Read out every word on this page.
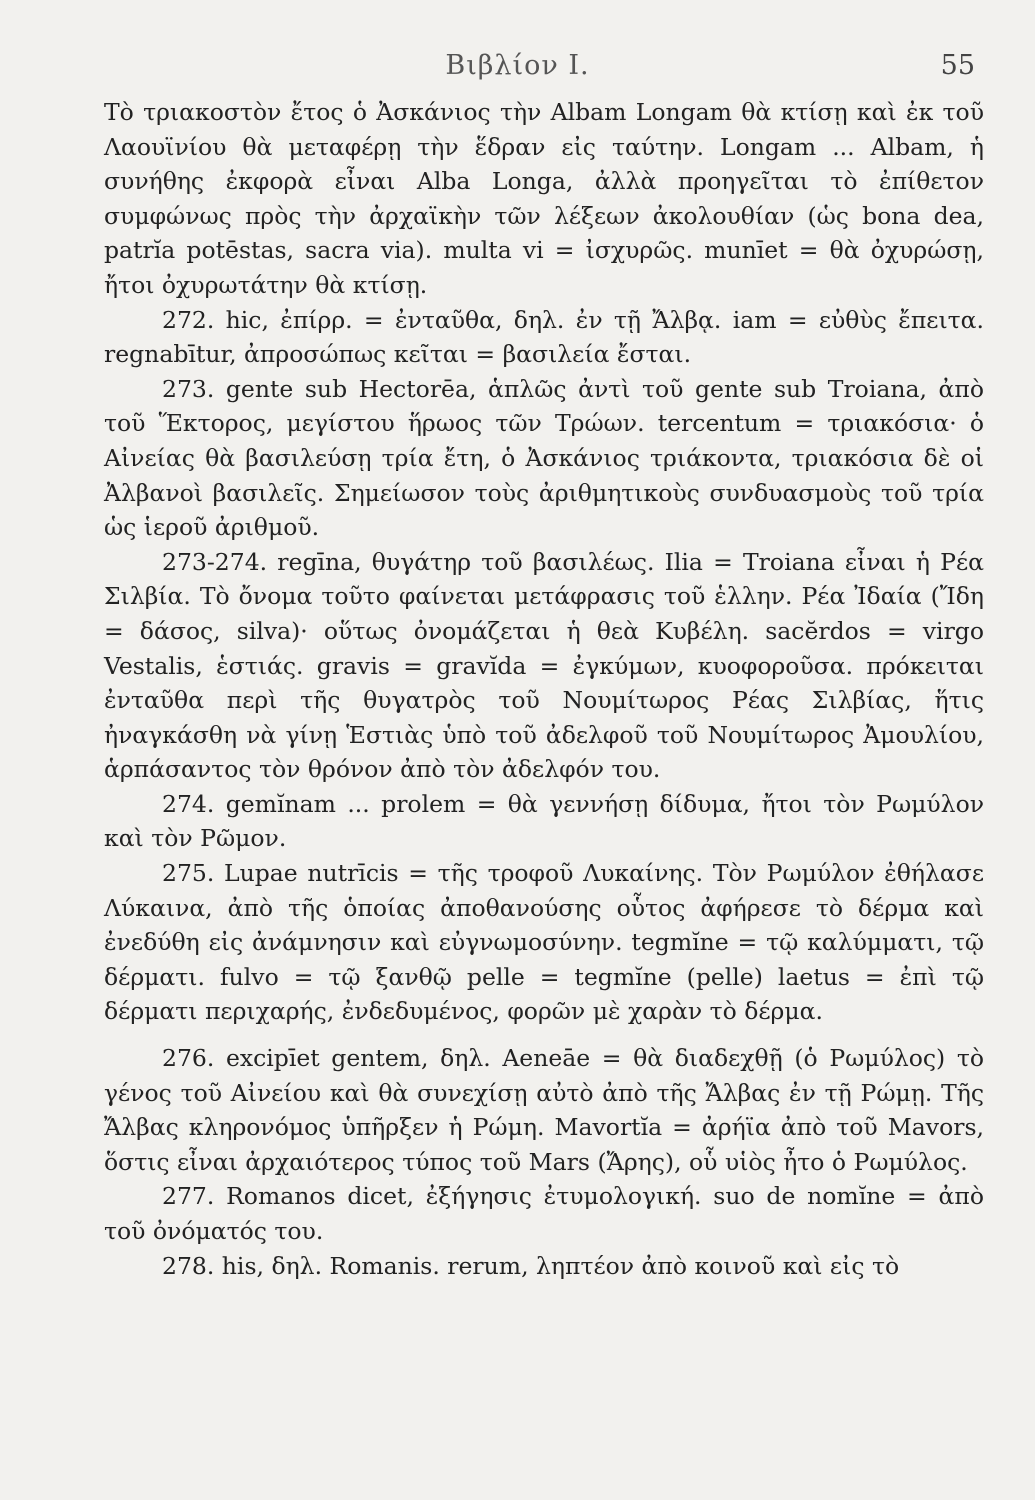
Βιβλίον Ι.	55

Τὸ τριακοστὸν ἔτος ὁ Ἀσκάνιος τὴν Albam Longam θὰ κτίσῃ καὶ ἐκ τοῦ Λαουϊνίου θὰ μεταφέρῃ τὴν ἕδραν εἰς ταύτην. Longam ... Albam, ἡ συνήθης ἐκφορὰ εἶναι Alba Longa, ἀλλὰ προηγεῖται τὸ ἐπίθετον συμφώνως πρὸς τὴν ἀρχαϊκὴν τῶν λέξεων ἀκολουθίαν (ὡς bona dea, patrĭa potēstas, sacra via). multa vi = ἰσχυρῶς. munīet = θὰ ὀχυρώσῃ, ἤτοι ὀχυρωτάτην θὰ κτίσῃ.

272. hic, ἐπίρρ. = ἐνταῦθα, δηλ. ἐν τῇ Ἄλβᾳ. iam = εὐθὺς ἔπειτα. regnabītur, ἀπροσώπως κεῖται = βασιλεία ἔσται.

273. gente sub Hectorēa, ἁπλῶς ἀντὶ τοῦ gente sub Troiana, ἀπὸ τοῦ Ἕκτορος, μεγίστου ἥρωος τῶν Τρώων. tercentum = τριακόσια· ὁ Αἰνείας θὰ βασιλεύσῃ τρία ἔτη, ὁ Ἀσκάνιος τριάκοντα, τριακόσια δὲ οἱ Ἀλβανοὶ βασιλεῖς. Σημείωσον τοὺς ἀριθμητικοὺς συνδυασμοὺς τοῦ τρία ὡς ἱεροῦ ἀριθμοῦ.

273-274. regīna, θυγάτηρ τοῦ βασιλέως. Ilia = Troiana εἶναι ἡ Ρέα Σιλβία. Τὸ ὄνομα τοῦτο φαίνεται μετάφρασις τοῦ ἑλλην. Ρέα Ἰδαία (Ἴδη = δάσος, silva)· οὕτως ὀνομάζεται ἡ θεὰ Κυβέλη. sacĕrdos = virgo Vestalis, ἑστιάς. gravis = gravĭda = ἐγκύμων, κυοφοροῦσα. πρόκειται ἐνταῦθα περὶ τῆς θυγατρὸς τοῦ Νουμίτωρος Ρέας Σιλβίας, ἥτις ἠναγκάσθη νὰ γίνῃ Ἑστιὰς ὑπὸ τοῦ ἀδελφοῦ τοῦ Νουμίτωρος Ἀμουλίου, ἁρπάσαντος τὸν θρόνον ἀπὸ τὸν ἀδελφόν του.

274. gemĭnam ... prolem = θὰ γεννήσῃ δίδυμα, ἤτοι τὸν Ρωμύλον καὶ τὸν Ρῶμον.

275. Lupae nutrīcis = τῆς τροφοῦ Λυκαίνης. Τὸν Ρωμύλον ἐθήλασε Λύκαινα, ἀπὸ τῆς ὁποίας ἀποθανούσης οὗτος ἀφήρεσε τὸ δέρμα καὶ ἐνεδύθη εἰς ἀνάμνησιν καὶ εὐγνωμοσύνην. tegmĭne = τῷ καλύμματι, τῷ δέρματι. fulvo = τῷ ξανθῷ pelle = tegmĭne (pelle) laetus = ἐπὶ τῷ δέρματι περιχαρής, ἐνδεδυμένος, φορῶν μὲ χαρὰν τὸ δέρμα.

276. excipīet gentem, δηλ. Aeneāe = θὰ διαδεχθῇ (ὁ Ρωμύλος) τὸ γένος τοῦ Αἰνείου καὶ θὰ συνεχίσῃ αὐτὸ ἀπὸ τῆς Ἄλβας ἐν τῇ Ρώμῃ. Τῆς Ἄλβας κληρονόμος ὑπῆρξεν ἡ Ρώμη. Mavortĭa = ἀρήϊα ἀπὸ τοῦ Mavors, ὅστις εἶναι ἀρχαιότερος τύπος τοῦ Mars (Ἄρης), οὗ υἱὸς ἦτο ὁ Ρωμύλος.

277. Romanos dicet, ἐξήγησις ἐτυμολογική. suo de nomĭne = ἀπὸ τοῦ ὀνόματός του.

278. his, δηλ. Romanis. rerum, ληπτέον ἀπὸ κοινοῦ καὶ εἰς τὸ
